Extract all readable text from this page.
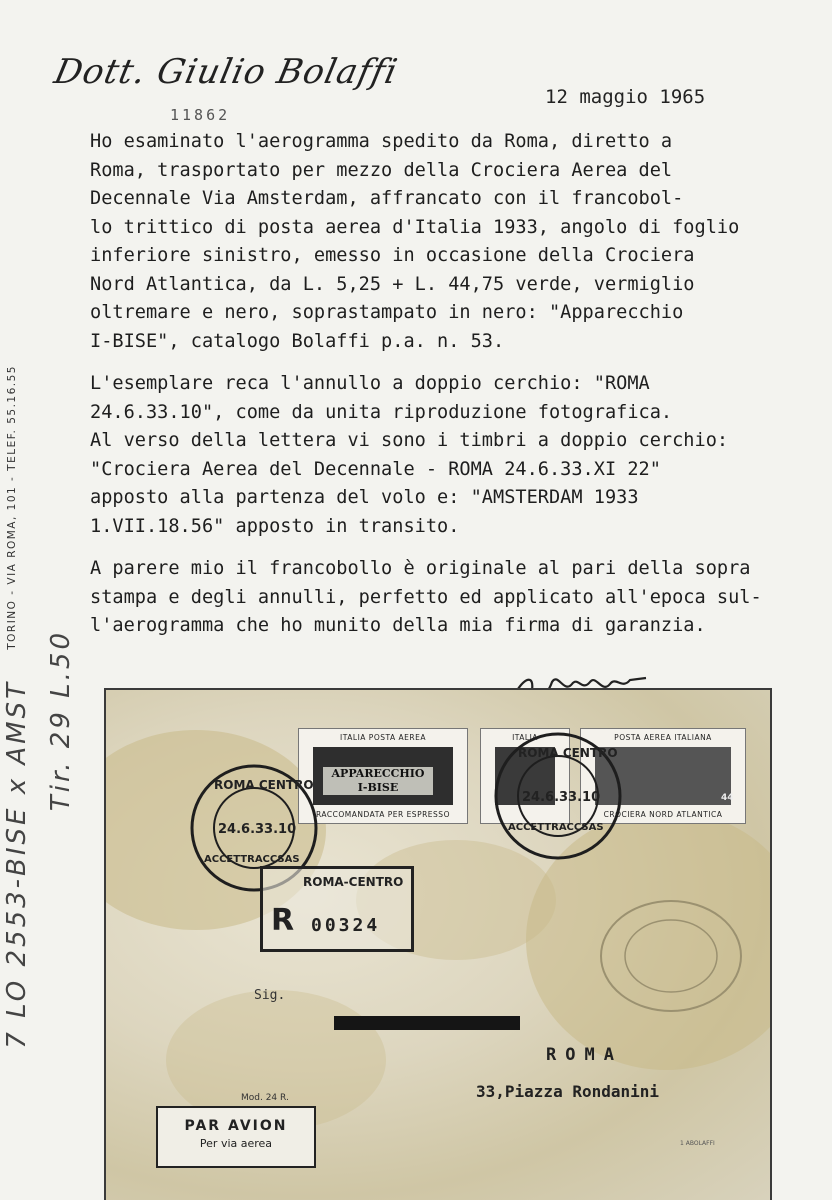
Dott. Giulio Bolaffi
11862
12 maggio 1965

Ho esaminato l'aerogramma spedito da Roma, diretto a
Roma, trasportato per mezzo della Crociera Aerea del
Decennale Via Amsterdam, affrancato con il francobol-
lo trittico di posta aerea d'Italia 1933, angolo di foglio
inferiore sinistro, emesso in occasione della Crociera
Nord Atlantica, da L. 5,25 + L. 44,75 verde, vermiglio
oltremare e nero, soprastampato in nero: "Apparecchio
I-BISE", catalogo Bolaffi p.a. n. 53.

L'esemplare reca l'annullo a doppio cerchio: "ROMA
24.6.33.10", come da unita riproduzione fotografica.
Al verso della lettera vi sono i timbri a doppio cerchio:
"Crociera Aerea del Decennale - ROMA 24.6.33.XI 22"
apposto alla partenza del volo e: "AMSTERDAM 1933
1.VII.18.56" apposto in transito.

A parere mio il francobollo è originale al pari della sopra
stampa e degli annulli, perfetto ed applicato all'epoca sul-
l'aerogramma che ho munito della mia firma di garanzia.

TORINO - VIA ROMA, 101 - TELEF. 55.16.55
7 LO 2553-BISE x AMST Tir. 29 L.50	ITALIA POSTA AEREA
APPARECCHIO
I-BISE
RACCOMANDATA PER ESPRESSO
ITALIA	POSTA AEREA ITALIANA
44
CROCIERA NORD ATLANTICA
ROMA CENTRO
24.6.33.10
ACCETTRACCSAS
ROMA CENTRO
24.6.33.10
ACCETTRACCSAS
ROMA-CENTRO
R 00324
Sig.
ROMA
33,Piazza Rondanini
Mod. 24 R.
PAR AVION
Per via aerea	1 ABOLAFFI
